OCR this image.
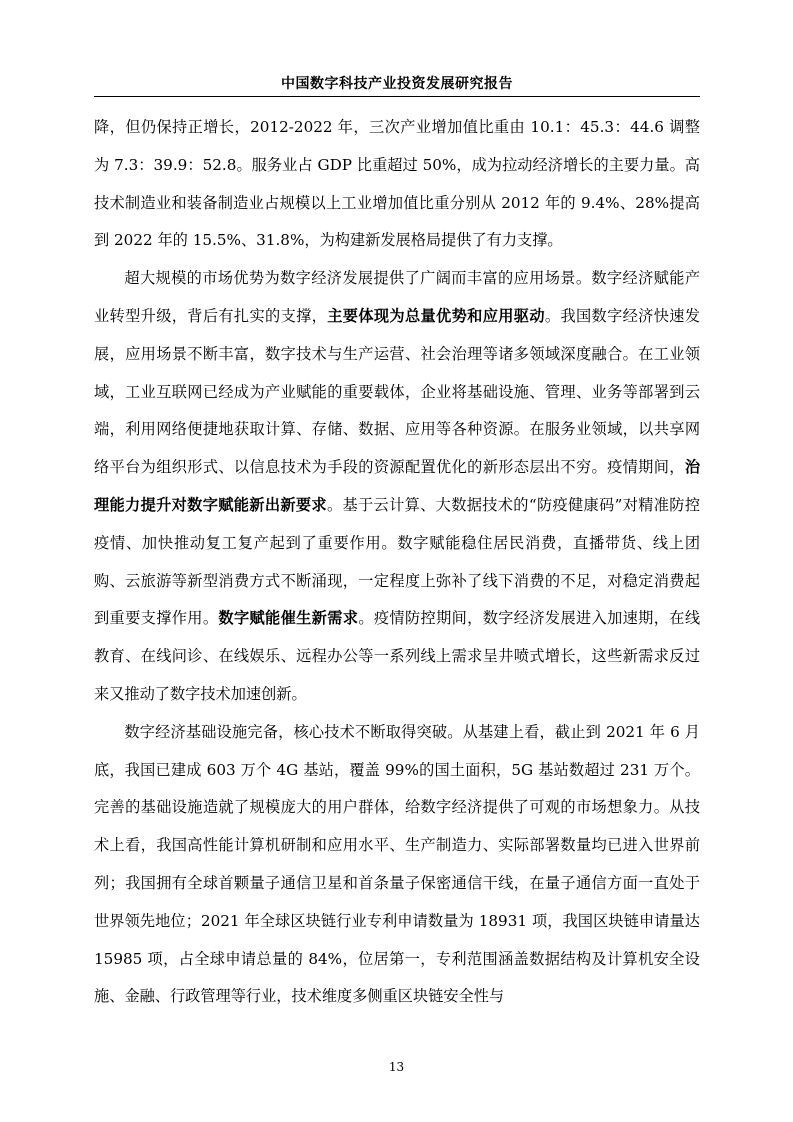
中国数字科技产业投资发展研究报告

降，但仍保持正增长，2012-2022 年，三次产业增加值比重由 10.1：45.3：44.6 调整为 7.3：39.9：52.8。服务业占 GDP 比重超过 50%，成为拉动经济增长的主要力量。高技术制造业和装备制造业占规模以上工业增加值比重分别从 2012 年的 9.4%、28%提高到 2022 年的 15.5%、31.8%，为构建新发展格局提供了有力支撑。

超大规模的市场优势为数字经济发展提供了广阔而丰富的应用场景。数字经济赋能产业转型升级，背后有扎实的支撑，主要体现为总量优势和应用驱动。我国数字经济快速发展，应用场景不断丰富，数字技术与生产运营、社会治理等诸多领域深度融合。在工业领域，工业互联网已经成为产业赋能的重要载体，企业将基础设施、管理、业务等部署到云端，利用网络便捷地获取计算、存储、数据、应用等各种资源。在服务业领域，以共享网络平台为组织形式、以信息技术为手段的资源配置优化的新形态层出不穷。疫情期间，治理能力提升对数字赋能新出新要求。基于云计算、大数据技术的“防疫健康码”对精准防控疫情、加快推动复工复产起到了重要作用。数字赋能稳住居民消费，直播带货、线上团购、云旅游等新型消费方式不断涌现，一定程度上弥补了线下消费的不足，对稳定消费起到重要支撑作用。数字赋能催生新需求。疫情防控期间，数字经济发展进入加速期，在线教育、在线问诊、在线娱乐、远程办公等一系列线上需求呈井喷式增长，这些新需求反过来又推动了数字技术加速创新。

数字经济基础设施完备，核心技术不断取得突破。从基建上看，截止到 2021 年 6 月底，我国已建成 603 万个 4G 基站，覆盖 99%的国土面积，5G 基站数超过 231 万个。完善的基础设施造就了规模庞大的用户群体，给数字经济提供了可观的市场想象力。从技术上看，我国高性能计算机研制和应用水平、生产制造力、实际部署数量均已进入世界前列；我国拥有全球首颗量子通信卫星和首条量子保密通信干线，在量子通信方面一直处于世界领先地位；2021 年全球区块链行业专利申请数量为 18931 项，我国区块链申请量达 15985 项，占全球申请总量的 84%，位居第一，专利范围涵盖数据结构及计算机安全设施、金融、行政管理等行业，技术维度多侧重区块链安全性与

13
